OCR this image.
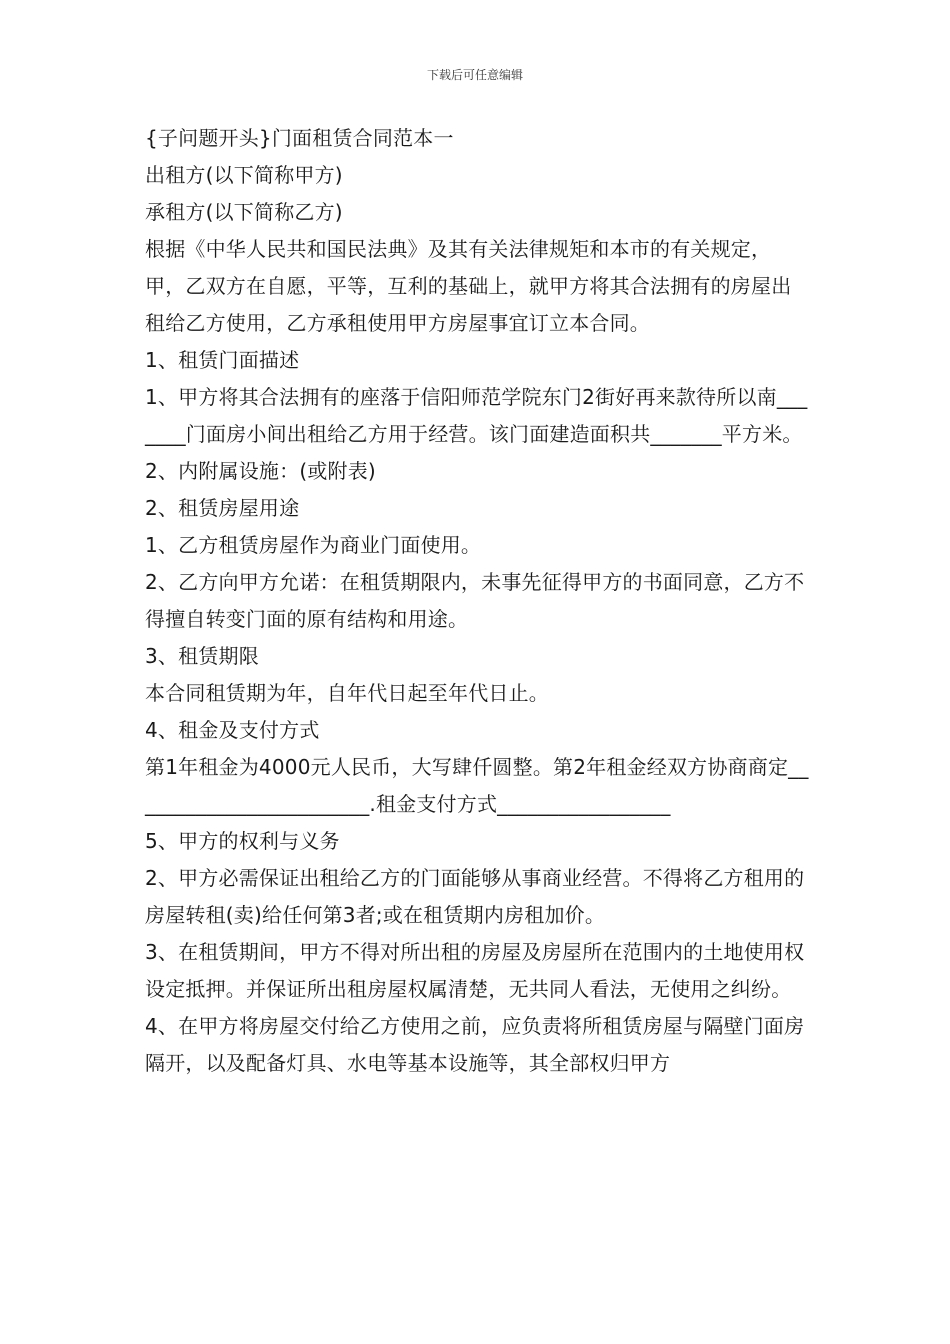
下载后可任意编辑

{子问题开头}门面租赁合同范本一

出租方(以下简称甲方)

承租方(以下简称乙方)

根据《中华人民共和国民法典》及其有关法律规矩和本市的有关规定，甲，乙双方在自愿，平等，互利的基础上，就甲方将其合法拥有的房屋出租给乙方使用，乙方承租使用甲方房屋事宜订立本合同。

1、租赁门面描述

1、甲方将其合法拥有的座落于信阳师范学院东门2街好再来款待所以南_______门面房小间出租给乙方用于经营。该门面建造面积共_______平方米。

2、内附属设施：(或附表)

2、租赁房屋用途

1、乙方租赁房屋作为商业门面使用。

2、乙方向甲方允诺：在租赁期限内，未事先征得甲方的书面同意，乙方不得擅自转变门面的原有结构和用途。

3、租赁期限

本合同租赁期为年，自年代日起至年代日止。

4、租金及支付方式

第1年租金为4000元人民币，大写肆仟圆整。第2年租金经双方协商商定________________________.租金支付方式_________________

5、甲方的权利与义务

2、甲方必需保证出租给乙方的门面能够从事商业经营。不得将乙方租用的房屋转租(卖)给任何第3者;或在租赁期内房租加价。

3、在租赁期间，甲方不得对所出租的房屋及房屋所在范围内的土地使用权设定抵押。并保证所出租房屋权属清楚，无共同人看法，无使用之纠纷。

4、在甲方将房屋交付给乙方使用之前，应负责将所租赁房屋与隔壁门面房隔开，以及配备灯具、水电等基本设施等，其全部权归甲方
